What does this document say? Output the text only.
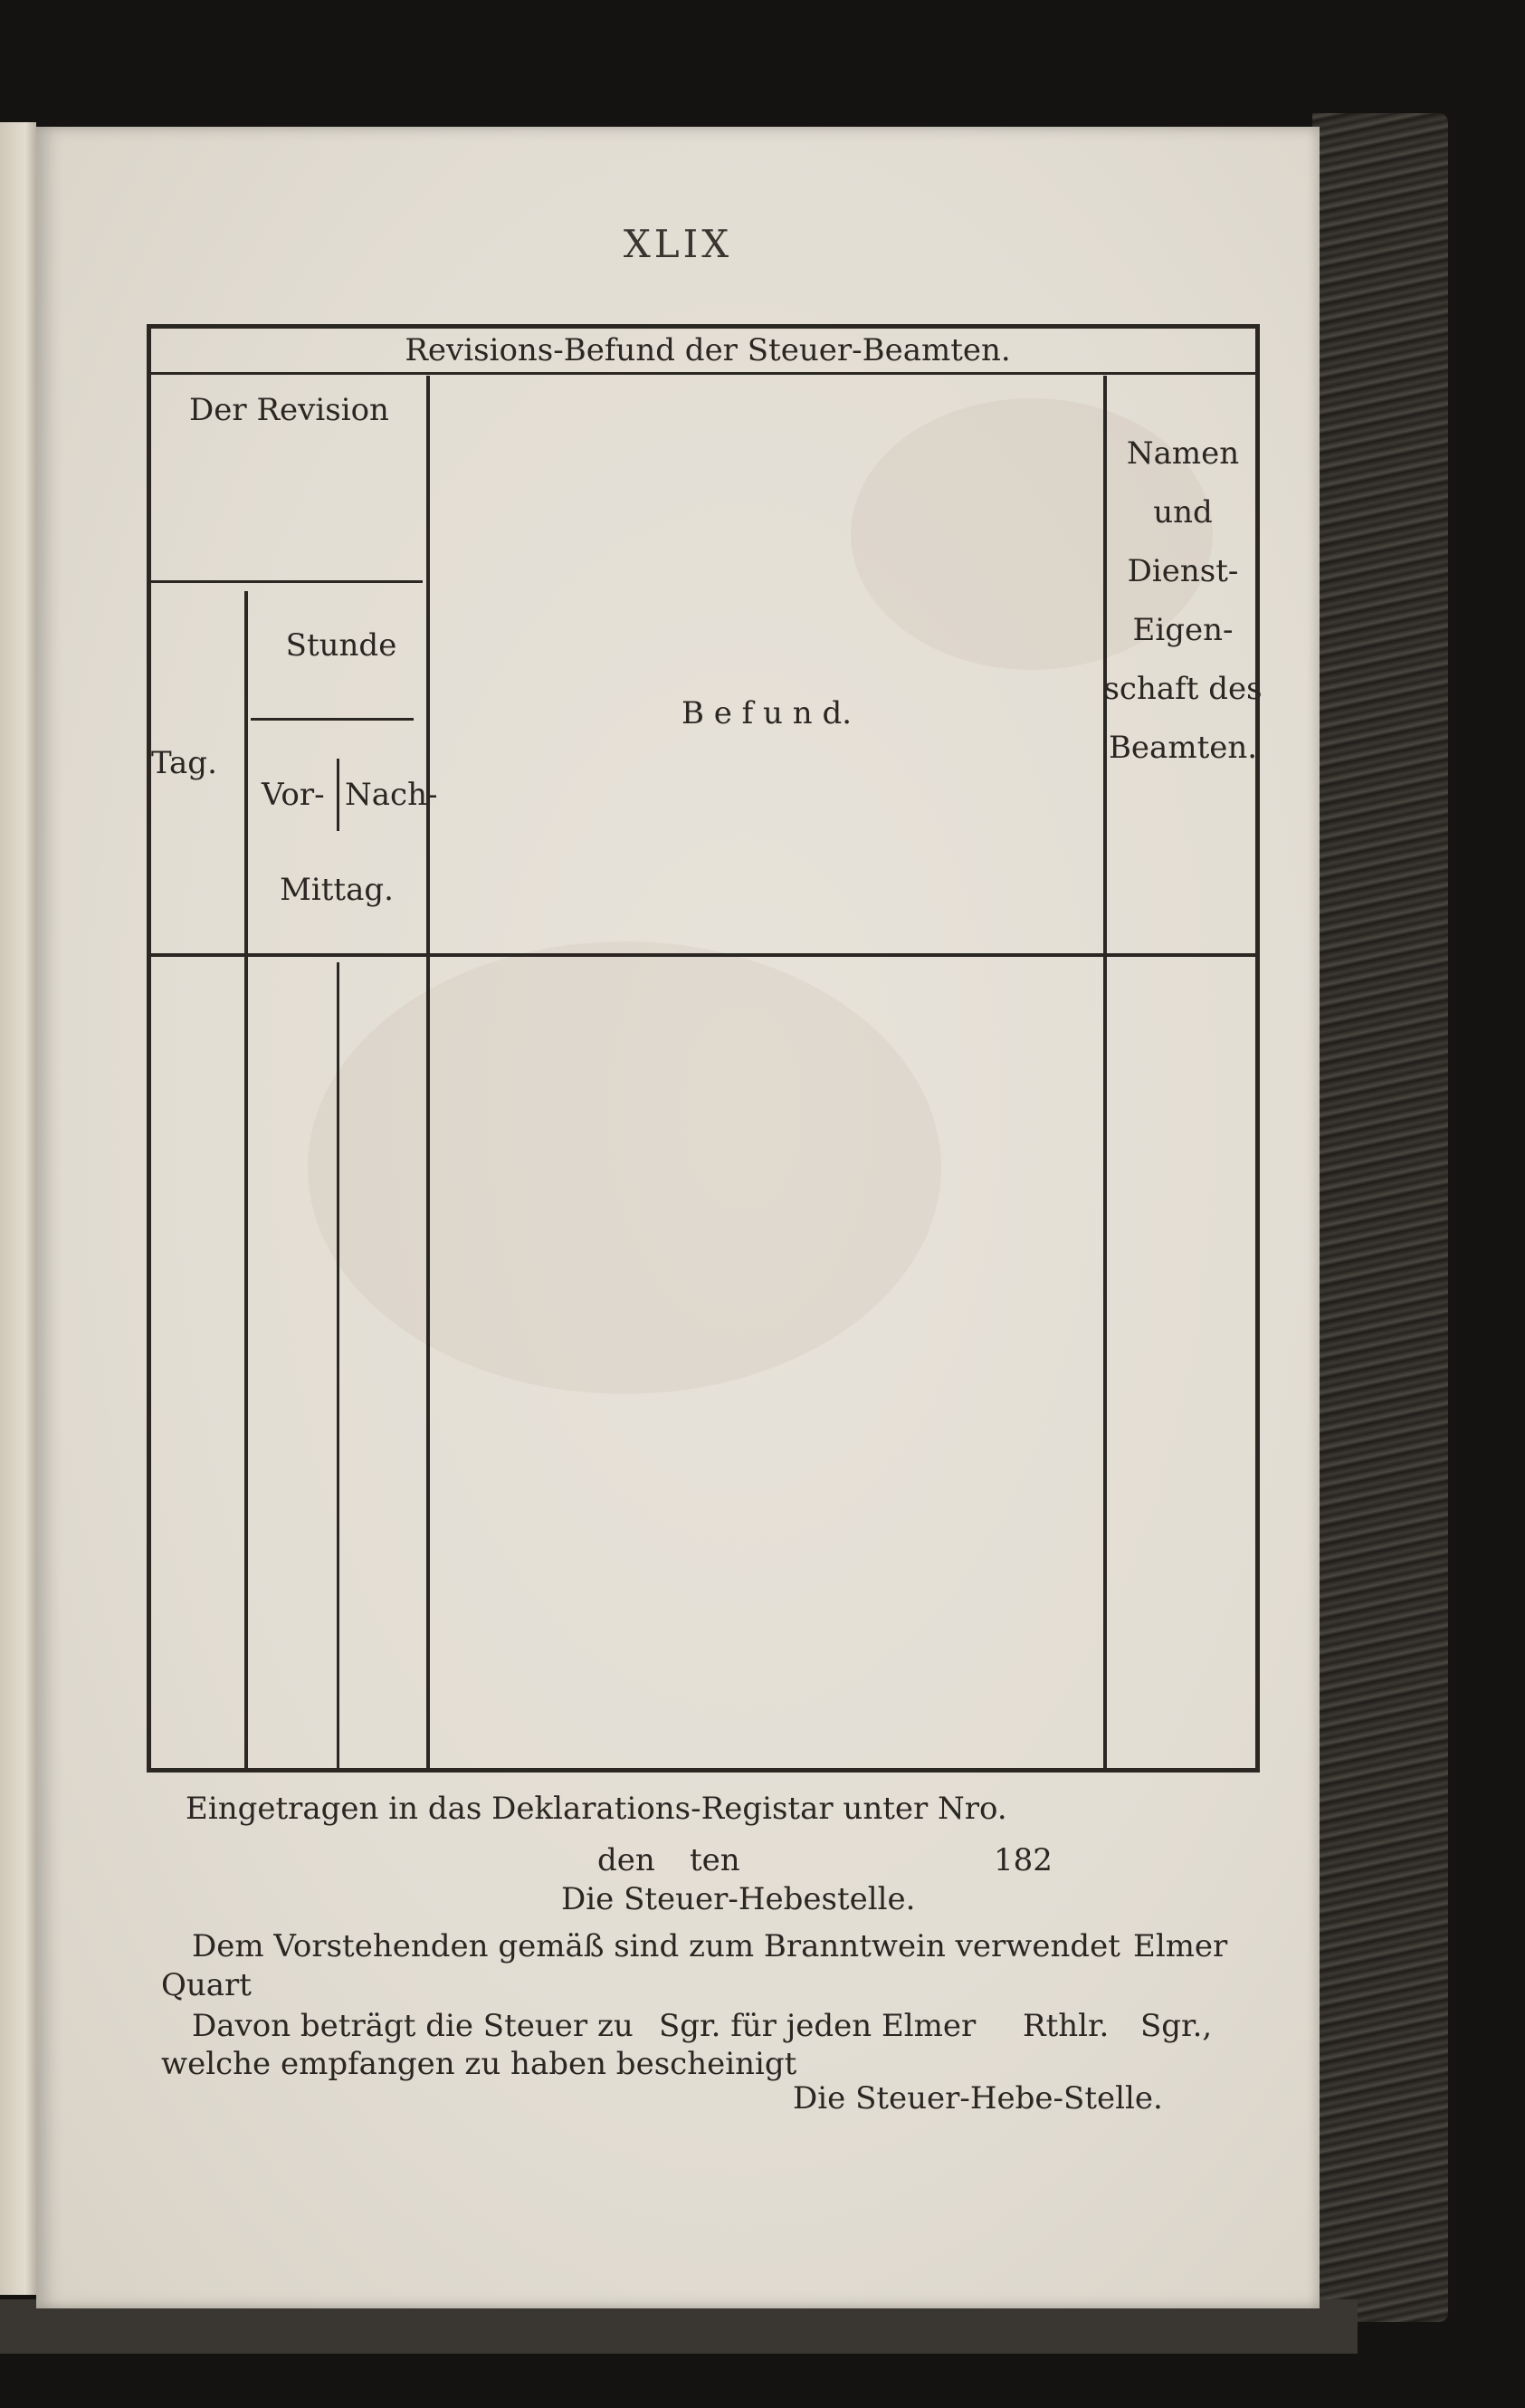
XLIX
Revisions-Befund der Steuer-Beamten.
Der Revision
Stunde
Tag.
Vor- Nach-
Mittag.
B e f u n d.
Namen
und
Dienst-
Eigen-
schaft des
Beamten.
Eingetragen in das Deklarations-Registar unter Nro.
den ten	182
Die Steuer-Hebestelle.
Dem Vorstehenden gemäß sind zum Branntwein verwendet Elmer
Quart
Davon beträgt die Steuer zu Sgr. für jeden Elmer Rthlr. Sgr.,
welche empfangen zu haben bescheinigt
Die Steuer-Hebe-Stelle.
